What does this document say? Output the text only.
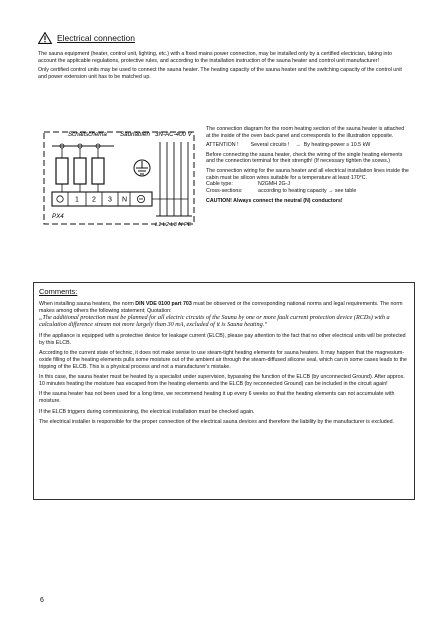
Electrical connection

The sauna equipment (heater, control unit, lighting, etc.) with a fixed mains power connection, may be installed only by a certified electrician, taking into account the applicable regulations, protective rules, and according to the installation instruction of the sauna heater and control unit manufacturer!

Only certified control units may be used to connect the sauna heater. The heating capacity of the sauna heater and the switching capacity of the control unit and power extension unit has to be matched up.

Schaltschema Saunaofen 3N-AC-400 V
1 2 3 N
PX4
L1 L2 L3 N PE

The connection diagram for the room heating section of the sauna heater is attached at the inside of the oven back panel and corresponds to the illustration opposite.

ATTENTION ! Several circuits ! → By heating-power ≥ 10.5 kW

Before connecting the sauna heater, check the wiring of the single heating elements and the connection terminal for their strength! (If necessary tighten the scews.)

The connection wiring for the sauna heater and all electrical installation lines inside the cabin must be silicon wires suitable for a temperature at least 170°C.

Cable type:	N2GMH 2G-J
Cross-sections:	according to heating capacity → see table

CAUTION! Always connect the neutral (N) conductors!

Comments:

When installing sauna heaters, the norm DIN VDE 0100 part 703 must be observed or the corresponding national norms and legal requirements. The norm makes among others the following statement; Quotation:

„The additional protection must be planned for all electric circuits of the Sauna by one or more fault current protection device (RCDs) with a calculation difference stream not more largely than 30 mA, excluded of it is Sauna heating.“

If the appliance is equipped with a protective device for leakage current (ELCB), please pay attention to the fact that no other electrical units will be protected by this ELCB.

According to the current state of technic, it does not make sense to use steam-tight heating elements for sauna heaters. It may happen that the magnesium-oxide filling of the heating elements pulls some moisture out of the ambient air through the steam-diffused silicone seal, which can in some cases leads to the tripping of the ELCB. This is a physical process and not a manufacturer's mistake.

In this case, the sauna heater must be heated by a specialist under supervision, bypassing the function of the ELCB (by unconnected Ground). After approx. 10 minutes heating the moisture has escaped from the heating elements and the ELCB (by reconnected Ground) can be included in the circuit again!

If the sauna heater has not been used for a long time, we recommend heating it up every 6 weeks so that the heating elements can not accumulate with moisture.

If the ELCB triggers during commissioning, the electrical installation must be checked again.

The electrical installer is responsible for the proper connection of the electrical sauna devices and therefore the liability by the manufacturer is excluded.

6
